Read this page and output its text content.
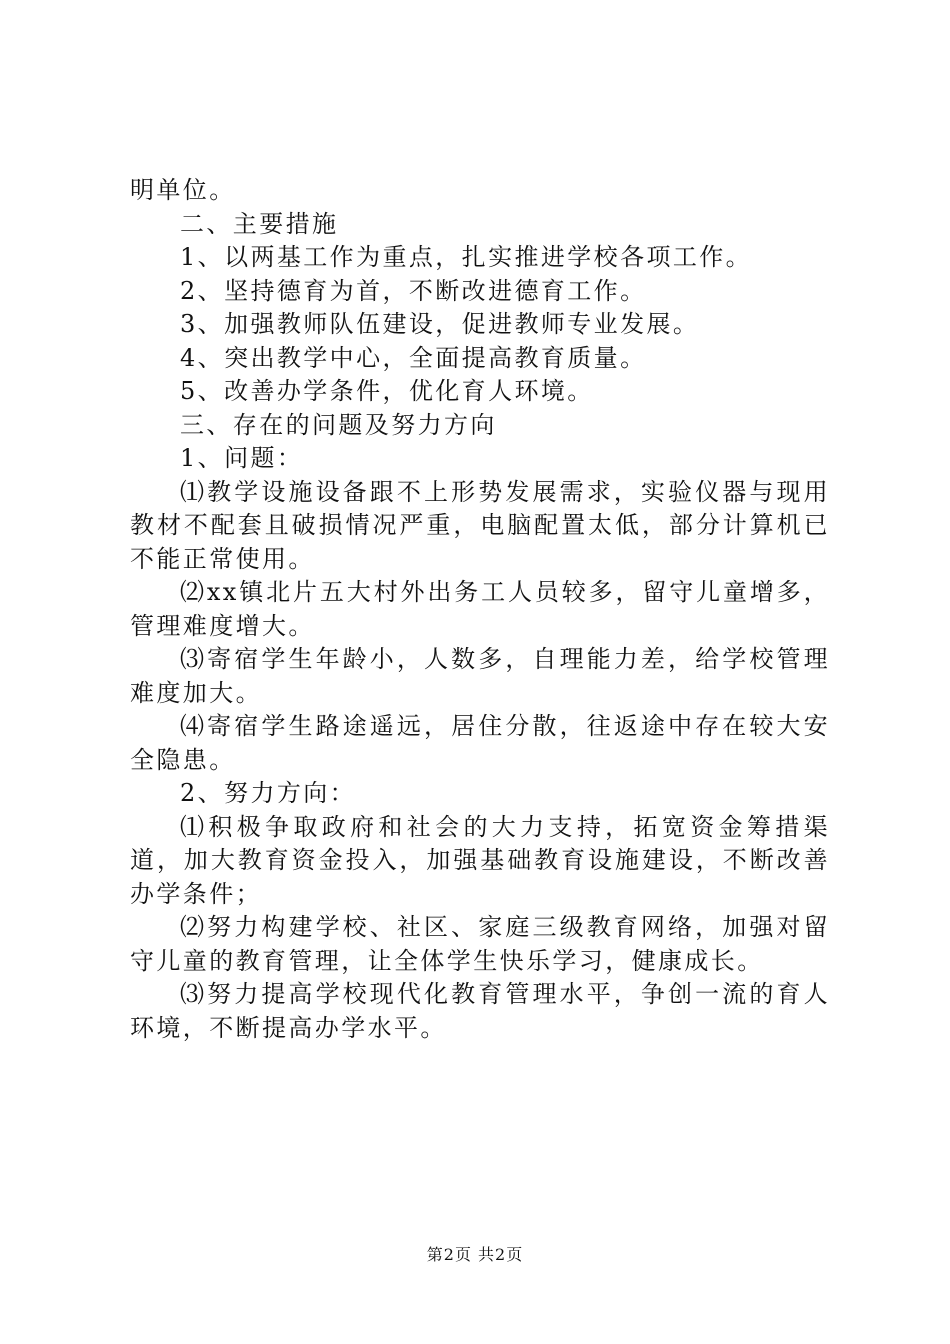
明单位。

二、主要措施

1、以两基工作为重点，扎实推进学校各项工作。

2、坚持德育为首，不断改进德育工作。

3、加强教师队伍建设，促进教师专业发展。

4、突出教学中心，全面提高教育质量。

5、改善办学条件，优化育人环境。

三、存在的问题及努力方向

1、问题：

⑴教学设施设备跟不上形势发展需求，实验仪器与现用教材不配套且破损情况严重，电脑配置太低，部分计算机已不能正常使用。

⑵xx镇北片五大村外出务工人员较多，留守儿童增多，管理难度增大。

⑶寄宿学生年龄小，人数多，自理能力差，给学校管理难度加大。

⑷寄宿学生路途遥远，居住分散，往返途中存在较大安全隐患。

2、努力方向：

⑴积极争取政府和社会的大力支持，拓宽资金筹措渠道，加大教育资金投入，加强基础教育设施建设，不断改善办学条件；

⑵努力构建学校、社区、家庭三级教育网络，加强对留守儿童的教育管理，让全体学生快乐学习，健康成长。

⑶努力提高学校现代化教育管理水平，争创一流的育人环境，不断提高办学水平。

第2页 共2页
